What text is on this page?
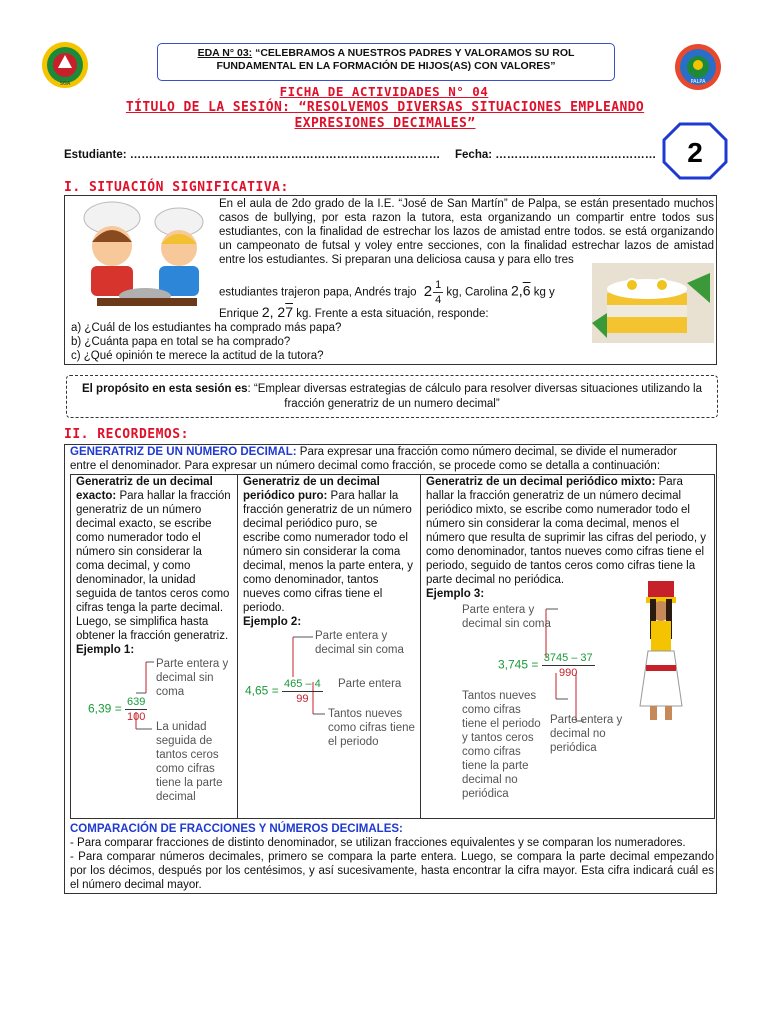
SGA	PALPA
EDA N° 03: “CELEBRAMOS A NUESTROS PADRES Y VALORAMOS SU ROL
FUNDAMENTAL EN LA FORMACIÓN DE HIJOS(AS) CON VALORES”
FICHA DE ACTIVIDADES N° 04
TÍTULO DE LA SESIÓN: “RESOLVEMOS DIVERSAS SITUACIONES EMPLEANDO
EXPRESIONES DECIMALES”
Estudiante: ……………………………………………………………………… Fecha: …………………………………… 2
I. SITUACIÓN SIGNIFICATIVA:
En el aula de 2do grado de la I.E. “José de San Martín” de Palpa, se están presentado muchos casos de bullying, por esta razon la tutora, esta organizando un compartir entre todos sus estudiantes, con la finalidad de estrechar los lazos de amistad entre todos. se está organizando un campeonato de futsal y voley entre secciones, con la finalidad estrechar lazos de amistad entre los estudiantes. Si preparan una deliciosa causa y para ello tres
estudiantes trajeron papa, Andrés trajo $2 \frac{1}{4}$ kg, Carolina 2,6 kg y
Enrique 2, 27 kg. Frente a esta situación, responde:
a) ¿Cuál de los estudiantes ha comprado más papa?
b) ¿Cuánta papa en total se ha comprado?
c) ¿Qué opinión te merece la actitud de la tutora?
El propósito en esta sesión es: “Emplear diversas estrategias de cálculo para resolver diversas situaciones utilizando la
fracción generatriz de un numero decimal”
II. RECORDEMOS:
GENERATRIZ DE UN NÚMERO DECIMAL: Para expresar una fracción como número decimal, se divide el numerador
entre el denominador. Para expresar un número decimal como fracción, se procede como se detalla a continuación:
Generatriz de un decimal exacto: Para hallar la fracción generatriz de un número decimal exacto, se escribe como numerador todo el número sin considerar la coma decimal, y como denominador, la unidad seguida de tantos ceros como cifras tenga la parte decimal. Luego, se simplifica hasta obtener la fracción generatriz.
Ejemplo 1:
Parte entera y decimal sin coma
$6,39 = \frac{639}{100}$
La unidad seguida de tantos ceros como cifras tiene la parte decimal
Generatriz de un decimal periódico puro: Para hallar la fracción generatriz de un número decimal periódico puro, se escribe como numerador todo el número sin considerar la coma decimal, menos la parte entera, y como denominador, tantos nueves como cifras tiene el periodo.
Ejemplo 2:
Parte entera y decimal sin coma
$4,65 = \frac{465 - 4}{99}$ Parte entera
Tantos nueves como cifras tiene el periodo
Generatriz de un decimal periódico mixto: Para hallar la fracción generatriz de un número decimal periódico mixto, se escribe como numerador todo el número sin considerar la coma decimal, menos el número que resulta de suprimir las cifras del periodo, y como denominador, tantos nueves como cifras tiene el periodo, seguido de tantos ceros como cifras tiene la parte decimal no periódica.
Ejemplo 3:
Parte entera y decimal sin coma
$3,745 = \frac{3745 - 37}{990}$
Tantos nueves como cifras tiene el periodo y tantos ceros como cifras tiene la parte decimal no periódica
Parte entera y decimal no periódica
COMPARACIÓN DE FRACCIONES Y NÚMEROS DECIMALES:
- Para comparar fracciones de distinto denominador, se utilizan fracciones equivalentes y se comparan los numeradores.
- Para comparar números decimales, primero se compara la parte entera. Luego, se compara la parte decimal empezando por los décimos, después por los centésimos, y así sucesivamente, hasta encontrar la cifra mayor. Esta cifra indicará cuál es el número decimal mayor.
